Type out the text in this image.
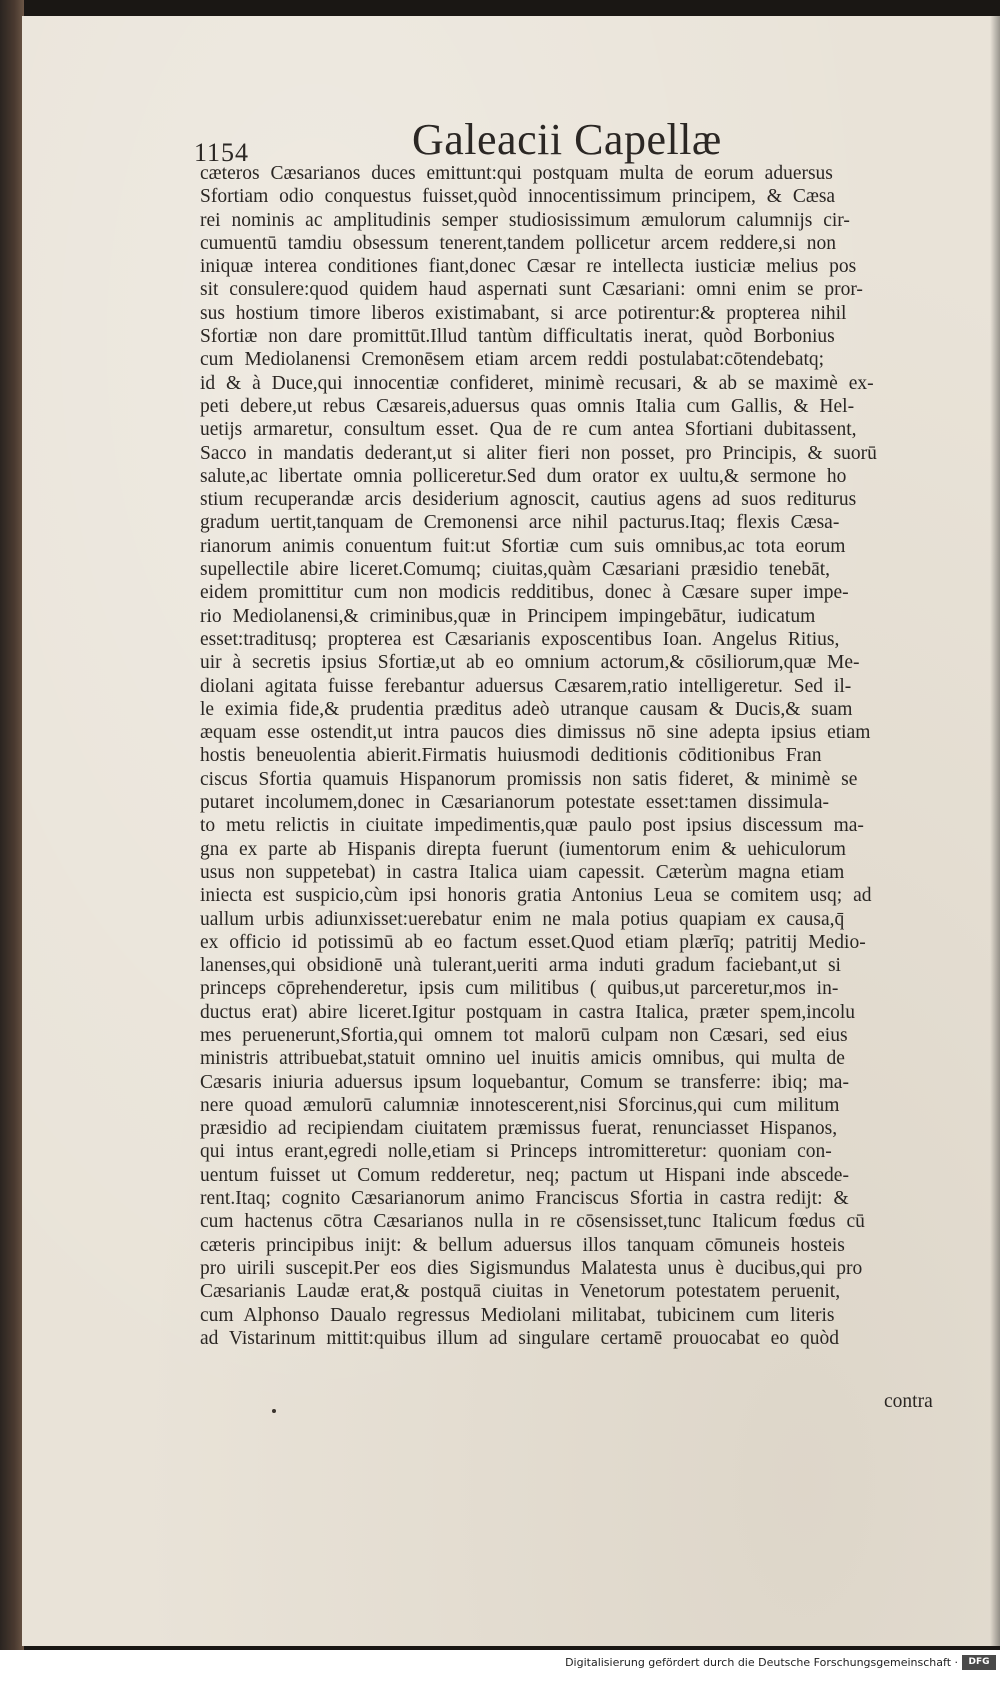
1154	Galeacii Capellæ
cæteros Cæsarianos duces emittunt:qui postquam multa de eorum aduersus
Sfortiam odio conquestus fuisset,quòd innocentissimum principem, & Cæsa
rei nominis ac amplitudinis semper studiosissimum æmulorum calumnijs cir-
cumuentū tamdiu obsessum tenerent,tandem pollicetur arcem reddere,si non
iniquæ interea conditiones fiant,donec Cæsar re intellecta iusticiæ melius pos
sit consulere:quod quidem haud aspernati sunt Cæsariani: omni enim se pror-
sus hostium timore liberos existimabant, si arce potirentur:& propterea nihil
Sfortiæ non dare promittūt.Illud tantùm difficultatis inerat, quòd Borbonius
cum Mediolanensi Cremonēsem etiam arcem reddi postulabat:cōtendebatq;
id & à Duce,qui innocentiæ confideret, minimè recusari, & ab se maximè ex-
peti debere,ut rebus Cæsareis,aduersus quas omnis Italia cum Gallis, & Hel-
uetijs armaretur, consultum esset. Qua de re cum antea Sfortiani dubitassent,
Sacco in mandatis dederant,ut si aliter fieri non posset, pro Principis, & suorū
salute,ac libertate omnia polliceretur.Sed dum orator ex uultu,& sermone ho
stium recuperandæ arcis desiderium agnoscit, cautius agens ad suos rediturus
gradum uertit,tanquam de Cremonensi arce nihil pacturus.Itaq; flexis Cæsa-
rianorum animis conuentum fuit:ut Sfortiæ cum suis omnibus,ac tota eorum
supellectile abire liceret.Comumq; ciuitas,quàm Cæsariani præsidio tenebāt,
eidem promittitur cum non modicis redditibus, donec à Cæsare super impe-
rio Mediolanensi,& criminibus,quæ in Principem impingebātur, iudicatum
esset:traditusq; propterea est Cæsarianis exposcentibus Ioan. Angelus Ritius,
uir à secretis ipsius Sfortiæ,ut ab eo omnium actorum,& cōsiliorum,quæ Me-
diolani agitata fuisse ferebantur aduersus Cæsarem,ratio intelligeretur. Sed il-
le eximia fide,& prudentia præditus adeò utranque causam & Ducis,& suam
æquam esse ostendit,ut intra paucos dies dimissus nō sine adepta ipsius etiam
hostis beneuolentia abierit.Firmatis huiusmodi deditionis cōditionibus Fran
ciscus Sfortia quamuis Hispanorum promissis non satis fideret, & minimè se
putaret incolumem,donec in Cæsarianorum potestate esset:tamen dissimula-
to metu relictis in ciuitate impedimentis,quæ paulo post ipsius discessum ma-
gna ex parte ab Hispanis direpta fuerunt (iumentorum enim & uehiculorum
usus non suppetebat) in castra Italica uiam capessit. Cæterùm magna etiam
iniecta est suspicio,cùm ipsi honoris gratia Antonius Leua se comitem usq; ad
uallum urbis adiunxisset:uerebatur enim ne mala potius quapiam ex causa,q̄
ex officio id potissimū ab eo factum esset.Quod etiam plærīq; patritij Medio-
lanenses,qui obsidionē unà tulerant,ueriti arma induti gradum faciebant,ut si
princeps cōprehenderetur, ipsis cum militibus ( quibus,ut parceretur,mos in-
ductus erat) abire liceret.Igitur postquam in castra Italica, præter spem,incolu
mes peruenerunt,Sfortia,qui omnem tot malorū culpam non Cæsari, sed eius
ministris attribuebat,statuit omnino uel inuitis amicis omnibus, qui multa de
Cæsaris iniuria aduersus ipsum loquebantur, Comum se transferre: ibiq; ma-
nere quoad æmulorū calumniæ innotescerent,nisi Sforcinus,qui cum militum
præsidio ad recipiendam ciuitatem præmissus fuerat, renunciasset Hispanos,
qui intus erant,egredi nolle,etiam si Princeps intromitteretur: quoniam con-
uentum fuisset ut Comum redderetur, neq; pactum ut Hispani inde abscede-
rent.Itaq; cognito Cæsarianorum animo Franciscus Sfortia in castra redijt: &
cum hactenus cōtra Cæsarianos nulla in re cōsensisset,tunc Italicum fœdus cū
cæteris principibus inijt: & bellum aduersus illos tanquam cōmuneis hosteis
pro uirili suscepit.Per eos dies Sigismundus Malatesta unus è ducibus,qui pro
Cæsarianis Laudæ erat,& postquā ciuitas in Venetorum potestatem peruenit,
cum Alphonso Daualo regressus Mediolani militabat, tubicinem cum literis
ad Vistarinum mittit:quibus illum ad singulare certamē prouocabat eo quòd
contra
Digitalisierung gefördert durch die Deutsche Forschungsgemeinschaft ·	DFG
